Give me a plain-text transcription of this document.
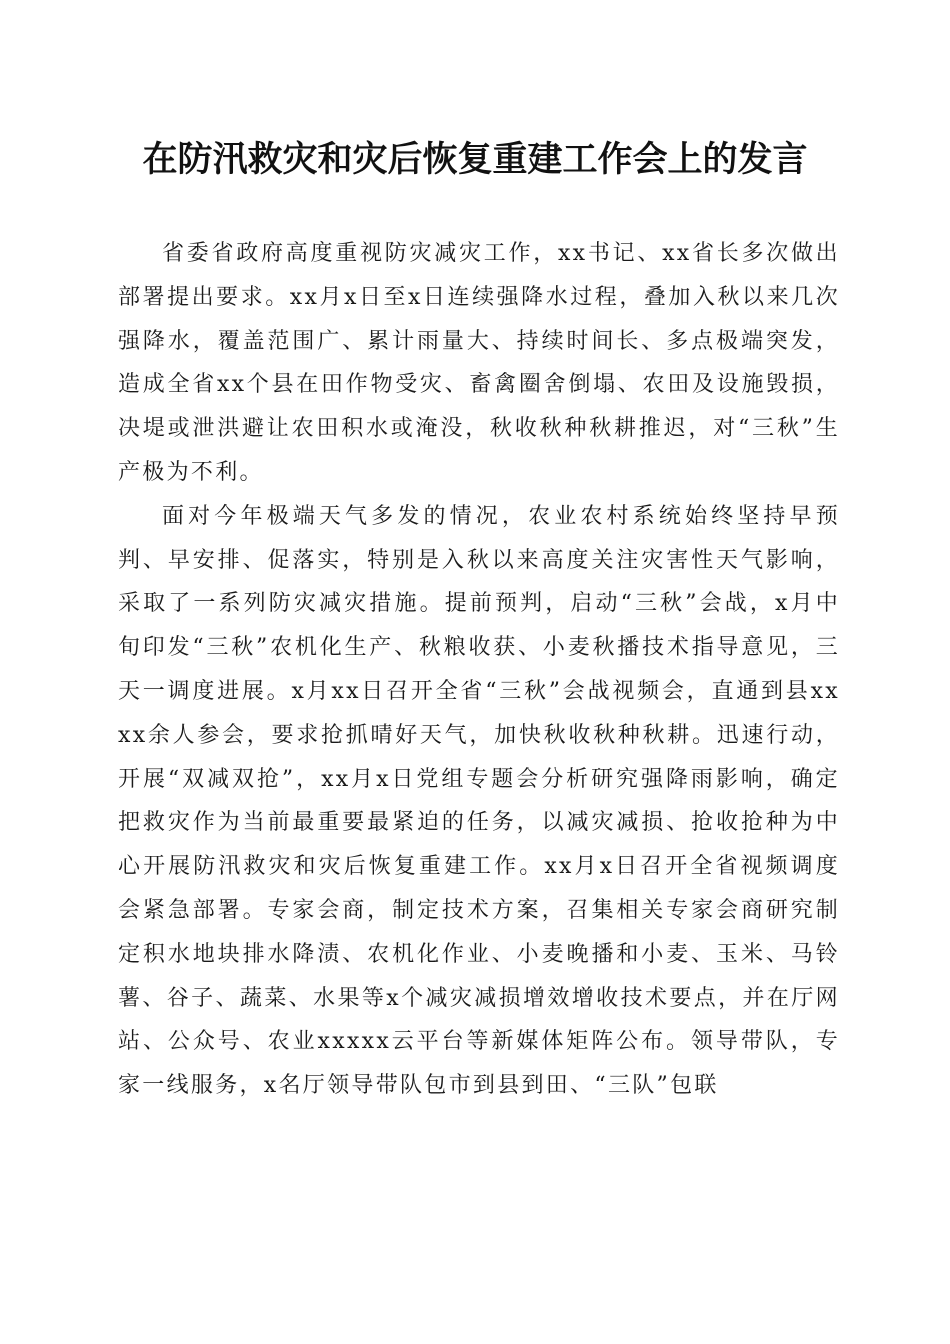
在防汛救灾和灾后恢复重建工作会上的发言

省委省政府高度重视防灾减灾工作，xx书记、xx省长多次做出部署提出要求。xx月x日至x日连续强降水过程，叠加入秋以来几次强降水，覆盖范围广、累计雨量大、持续时间长、多点极端突发，造成全省xx个县在田作物受灾、畜禽圈舍倒塌、农田及设施毁损，决堤或泄洪避让农田积水或淹没，秋收秋种秋耕推迟，对“三秋”生产极为不利。

面对今年极端天气多发的情况，农业农村系统始终坚持早预判、早安排、促落实，特别是入秋以来高度关注灾害性天气影响，采取了一系列防灾减灾措施。提前预判，启动“三秋”会战，x月中旬印发“三秋”农机化生产、秋粮收获、小麦秋播技术指导意见，三天一调度进展。x月xx日召开全省“三秋”会战视频会，直通到县xxxx余人参会，要求抢抓晴好天气，加快秋收秋种秋耕。迅速行动，开展“双减双抢”，xx月x日党组专题会分析研究强降雨影响，确定把救灾作为当前最重要最紧迫的任务，以减灾减损、抢收抢种为中心开展防汛救灾和灾后恢复重建工作。xx月x日召开全省视频调度会紧急部署。专家会商，制定技术方案，召集相关专家会商研究制定积水地块排水降渍、农机化作业、小麦晚播和小麦、玉米、马铃薯、谷子、蔬菜、水果等x个减灾减损增效增收技术要点，并在厅网站、公众号、农业xxxxx云平台等新媒体矩阵公布。领导带队，专家一线服务，x名厅领导带队包市到县到田、“三队”包联
